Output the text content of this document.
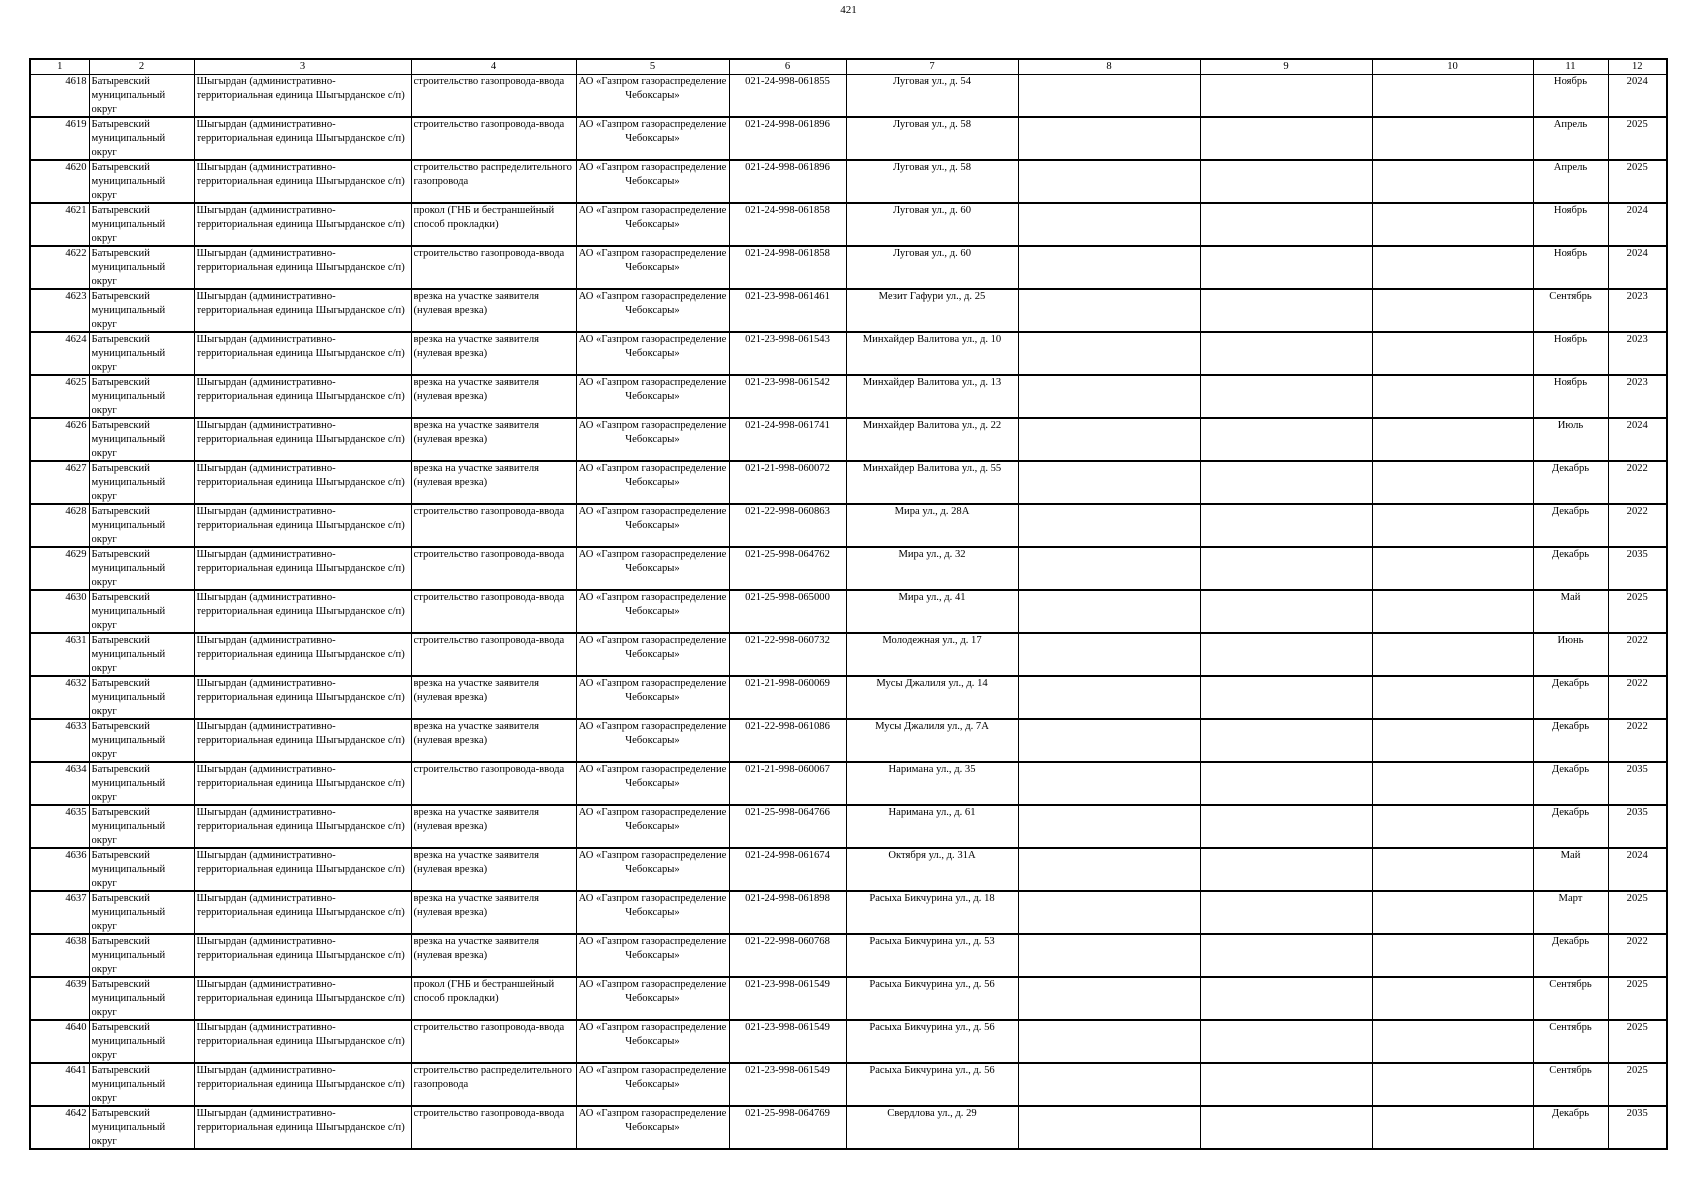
421
1	2	3	4	5	6	7	8	9	10	11	12

4618	Батыревский муниципальный округ	Шыгырдан (административно-территориальная единица Шыгырданское с/п)	строительство газопровода-ввода	АО «Газпром газораспределение Чебоксары»	021-24-998-061855	Луговая ул., д. 54				Ноябрь	2024

4619	Батыревский муниципальный округ	Шыгырдан (административно-территориальная единица Шыгырданское с/п)	строительство газопровода-ввода	АО «Газпром газораспределение Чебоксары»	021-24-998-061896	Луговая ул., д. 58				Апрель	2025

4620	Батыревский муниципальный округ	Шыгырдан (административно-территориальная единица Шыгырданское с/п)	строительство распределительного газопровода	АО «Газпром газораспределение Чебоксары»	021-24-998-061896	Луговая ул., д. 58				Апрель	2025

4621	Батыревский муниципальный округ	Шыгырдан (административно-территориальная единица Шыгырданское с/п)	прокол (ГНБ и бестраншейный способ прокладки)	АО «Газпром газораспределение Чебоксары»	021-24-998-061858	Луговая ул., д. 60				Ноябрь	2024

4622	Батыревский муниципальный округ	Шыгырдан (административно-территориальная единица Шыгырданское с/п)	строительство газопровода-ввода	АО «Газпром газораспределение Чебоксары»	021-24-998-061858	Луговая ул., д. 60				Ноябрь	2024

4623	Батыревский муниципальный округ	Шыгырдан (административно-территориальная единица Шыгырданское с/п)	врезка на участке заявителя (нулевая врезка)	АО «Газпром газораспределение Чебоксары»	021-23-998-061461	Мезит Гафури ул., д. 25				Сентябрь	2023

4624	Батыревский муниципальный округ	Шыгырдан (административно-территориальная единица Шыгырданское с/п)	врезка на участке заявителя (нулевая врезка)	АО «Газпром газораспределение Чебоксары»	021-23-998-061543	Минхайдер Валитова ул., д. 10				Ноябрь	2023

4625	Батыревский муниципальный округ	Шыгырдан (административно-территориальная единица Шыгырданское с/п)	врезка на участке заявителя (нулевая врезка)	АО «Газпром газораспределение Чебоксары»	021-23-998-061542	Минхайдер Валитова ул., д. 13				Ноябрь	2023

4626	Батыревский муниципальный округ	Шыгырдан (административно-территориальная единица Шыгырданское с/п)	врезка на участке заявителя (нулевая врезка)	АО «Газпром газораспределение Чебоксары»	021-24-998-061741	Минхайдер Валитова ул., д. 22				Июль	2024

4627	Батыревский муниципальный округ	Шыгырдан (административно-территориальная единица Шыгырданское с/п)	врезка на участке заявителя (нулевая врезка)	АО «Газпром газораспределение Чебоксары»	021-21-998-060072	Минхайдер Валитова ул., д. 55				Декабрь	2022

4628	Батыревский муниципальный округ	Шыгырдан (административно-территориальная единица Шыгырданское с/п)	строительство газопровода-ввода	АО «Газпром газораспределение Чебоксары»	021-22-998-060863	Мира ул., д. 28А				Декабрь	2022

4629	Батыревский муниципальный округ	Шыгырдан (административно-территориальная единица Шыгырданское с/п)	строительство газопровода-ввода	АО «Газпром газораспределение Чебоксары»	021-25-998-064762	Мира ул., д. 32				Декабрь	2035

4630	Батыревский муниципальный округ	Шыгырдан (административно-территориальная единица Шыгырданское с/п)	строительство газопровода-ввода	АО «Газпром газораспределение Чебоксары»	021-25-998-065000	Мира ул., д. 41				Май	2025

4631	Батыревский муниципальный округ	Шыгырдан (административно-территориальная единица Шыгырданское с/п)	строительство газопровода-ввода	АО «Газпром газораспределение Чебоксары»	021-22-998-060732	Молодежная ул., д. 17				Июнь	2022

4632	Батыревский муниципальный округ	Шыгырдан (административно-территориальная единица Шыгырданское с/п)	врезка на участке заявителя (нулевая врезка)	АО «Газпром газораспределение Чебоксары»	021-21-998-060069	Мусы Джалиля ул., д. 14				Декабрь	2022

4633	Батыревский муниципальный округ	Шыгырдан (административно-территориальная единица Шыгырданское с/п)	врезка на участке заявителя (нулевая врезка)	АО «Газпром газораспределение Чебоксары»	021-22-998-061086	Мусы Джалиля ул., д. 7А				Декабрь	2022

4634	Батыревский муниципальный округ	Шыгырдан (административно-территориальная единица Шыгырданское с/п)	строительство газопровода-ввода	АО «Газпром газораспределение Чебоксары»	021-21-998-060067	Наримана ул., д. 35				Декабрь	2035

4635	Батыревский муниципальный округ	Шыгырдан (административно-территориальная единица Шыгырданское с/п)	врезка на участке заявителя (нулевая врезка)	АО «Газпром газораспределение Чебоксары»	021-25-998-064766	Наримана ул., д. 61				Декабрь	2035

4636	Батыревский муниципальный округ	Шыгырдан (административно-территориальная единица Шыгырданское с/п)	врезка на участке заявителя (нулевая врезка)	АО «Газпром газораспределение Чебоксары»	021-24-998-061674	Октября ул., д. 31А				Май	2024

4637	Батыревский муниципальный округ	Шыгырдан (административно-территориальная единица Шыгырданское с/п)	врезка на участке заявителя (нулевая врезка)	АО «Газпром газораспределение Чебоксары»	021-24-998-061898	Расыха Бикчурина ул., д. 18				Март	2025

4638	Батыревский муниципальный округ	Шыгырдан (административно-территориальная единица Шыгырданское с/п)	врезка на участке заявителя (нулевая врезка)	АО «Газпром газораспределение Чебоксары»	021-22-998-060768	Расыха Бикчурина ул., д. 53				Декабрь	2022

4639	Батыревский муниципальный округ	Шыгырдан (административно-территориальная единица Шыгырданское с/п)	прокол (ГНБ и бестраншейный способ прокладки)	АО «Газпром газораспределение Чебоксары»	021-23-998-061549	Расыха Бикчурина ул., д. 56				Сентябрь	2025

4640	Батыревский муниципальный округ	Шыгырдан (административно-территориальная единица Шыгырданское с/п)	строительство газопровода-ввода	АО «Газпром газораспределение Чебоксары»	021-23-998-061549	Расыха Бикчурина ул., д. 56				Сентябрь	2025

4641	Батыревский муниципальный округ	Шыгырдан (административно-территориальная единица Шыгырданское с/п)	строительство распределительного газопровода	АО «Газпром газораспределение Чебоксары»	021-23-998-061549	Расыха Бикчурина ул., д. 56				Сентябрь	2025

4642	Батыревский муниципальный округ	Шыгырдан (административно-территориальная единица Шыгырданское с/п)	строительство газопровода-ввода	АО «Газпром газораспределение Чебоксары»	021-25-998-064769	Свердлова ул., д. 29				Декабрь	2035
